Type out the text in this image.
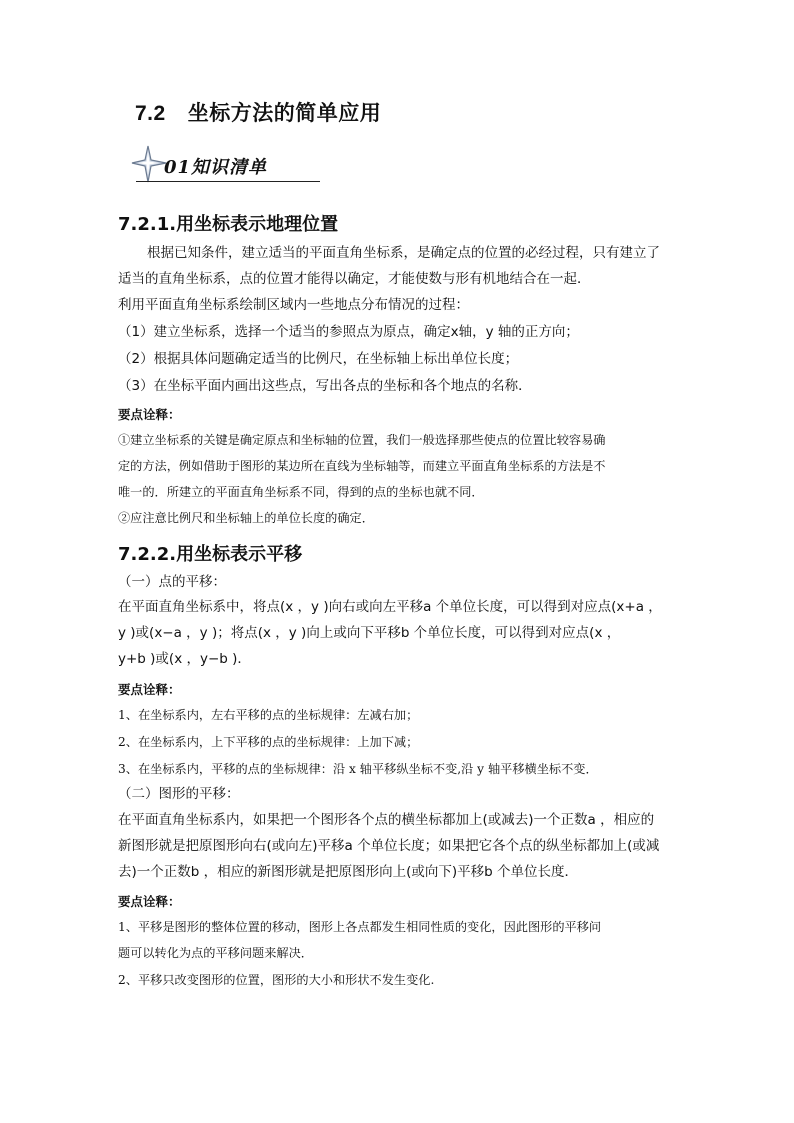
7.2 坐标方法的简单应用
01知识清单
7.2.1.用坐标表示地理位置
根据已知条件，建立适当的平面直角坐标系，是确定点的位置的必经过程，只有建立了
适当的直角坐标系，点的位置才能得以确定，才能使数与形有机地结合在一起．
利用平面直角坐标系绘制区域内一些地点分布情况的过程：
（1）建立坐标系，选择一个适当的参照点为原点，确定x轴，y 轴的正方向；
（2）根据具体问题确定适当的比例尺，在坐标轴上标出单位长度；
（3）在坐标平面内画出这些点，写出各点的坐标和各个地点的名称．
要点诠释：
①建立坐标系的关键是确定原点和坐标轴的位置，我们一般选择那些使点的位置比较容易确
定的方法，例如借助于图形的某边所在直线为坐标轴等，而建立平面直角坐标系的方法是不
唯一的．所建立的平面直角坐标系不同，得到的点的坐标也就不同．
②应注意比例尺和坐标轴上的单位长度的确定．
7.2.2.用坐标表示平移
（一）点的平移：
在平面直角坐标系中，将点(x ，y )向右或向左平移a 个单位长度，可以得到对应点(x+a ，
y )或(x−a ，y )；将点(x ，y )向上或向下平移b 个单位长度，可以得到对应点(x ，
y+b )或(x ，y−b )．
要点诠释：
1、在坐标系内，左右平移的点的坐标规律：左减右加；
2、在坐标系内，上下平移的点的坐标规律：上加下减；
3、在坐标系内，平移的点的坐标规律：沿 x 轴平移纵坐标不变,沿 y 轴平移横坐标不变．
（二）图形的平移：
在平面直角坐标系内，如果把一个图形各个点的横坐标都加上(或减去)一个正数a ，相应的
新图形就是把原图形向右(或向左)平移a 个单位长度；如果把它各个点的纵坐标都加上(或减
去)一个正数b ，相应的新图形就是把原图形向上(或向下)平移b 个单位长度．
要点诠释：
1、平移是图形的整体位置的移动，图形上各点都发生相同性质的变化，因此图形的平移问
题可以转化为点的平移问题来解决．
2、平移只改变图形的位置，图形的大小和形状不发生变化.
